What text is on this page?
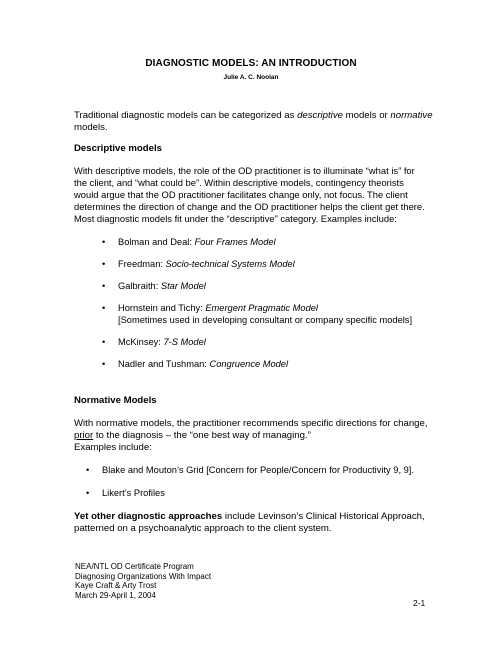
DIAGNOSTIC MODELS: AN INTRODUCTION
Julie A. C. Noolan
Traditional diagnostic models can be categorized as descriptive models or normative models.
Descriptive models
With descriptive models, the role of the OD practitioner is to illuminate “what is” for
the client, and “what could be”. Within descriptive models, contingency theorists
would argue that the OD practitioner facilitates change only, not focus. The client
determines the direction of change and the OD practitioner helps the client get there.
Most diagnostic models fit under the “descriptive” category. Examples include:
• Bolman and Deal: Four Frames Model
• Freedman: Socio-technical Systems Model
• Galbraith: Star Model
• Hornstein and Tichy: Emergent Pragmatic Model
[Sometimes used in developing consultant or company specific models]
• McKinsey: 7-S Model
• Nadler and Tushman: Congruence Model
Normative Models
With normative models, the practitioner recommends specific directions for change,
prior to the diagnosis – the “one best way of managing.”
Examples include:
• Blake and Mouton’s Grid [Concern for People/Concern for Productivity 9, 9].
• Likert’s Profiles
Yet other diagnostic approaches include Levinson’s Clinical Historical Approach,
patterned on a psychoanalytic approach to the client system.
NEA/NTL OD Certificate Program
Diagnosing Organizations With Impact
Kaye Craft & Arty Trost
March 29-April 1, 2004
2-1
